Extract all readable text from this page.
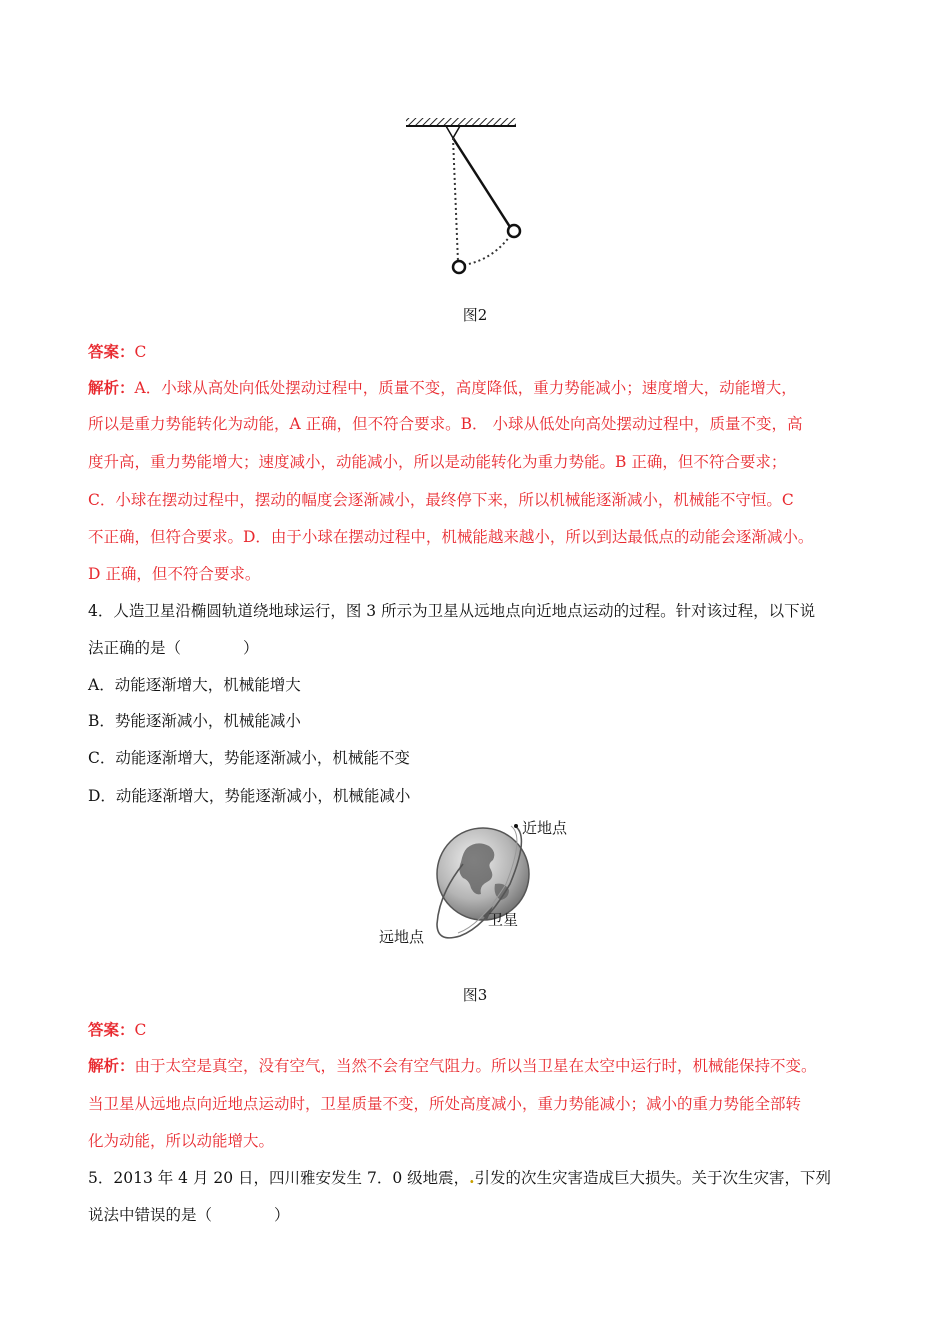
图2
答案：C
解析：A．小球从高处向低处摆动过程中，质量不变，高度降低，重力势能减小；速度增大，动能增大，
所以是重力势能转化为动能，A 正确，但不符合要求。B． 小球从低处向高处摆动过程中，质量不变，高
度升高，重力势能增大；速度减小，动能减小，所以是动能转化为重力势能。B 正确，但不符合要求；
C．小球在摆动过程中，摆动的幅度会逐渐减小，最终停下来，所以机械能逐渐减小，机械能不守恒。C
不正确，但符合要求。D．由于小球在摆动过程中，机械能越来越小，所以到达最低点的动能会逐渐减小。
D 正确，但不符合要求。
4．人造卫星沿椭圆轨道绕地球运行，图 3 所示为卫星从远地点向近地点运动的过程。针对该过程，以下说
法正确的是（　　　　）
A．动能逐渐增大，机械能增大
B．势能逐渐减小，机械能减小
C．动能逐渐增大，势能逐渐减小，机械能不变
D．动能逐渐增大，势能逐渐减小，机械能减小
近地点
卫星
远地点
图3
答案：C
解析：由于太空是真空，没有空气，当然不会有空气阻力。所以当卫星在太空中运行时，机械能保持不变。
当卫星从远地点向近地点运动时，卫星质量不变，所处高度减小，重力势能减小；减小的重力势能全部转
化为动能，所以动能增大。
5．2013 年 4 月 20 日，四川雅安发生 7．0 级地震，.引发的次生灾害造成巨大损失。关于次生灾害，下列
说法中错误的是（　　　　）
